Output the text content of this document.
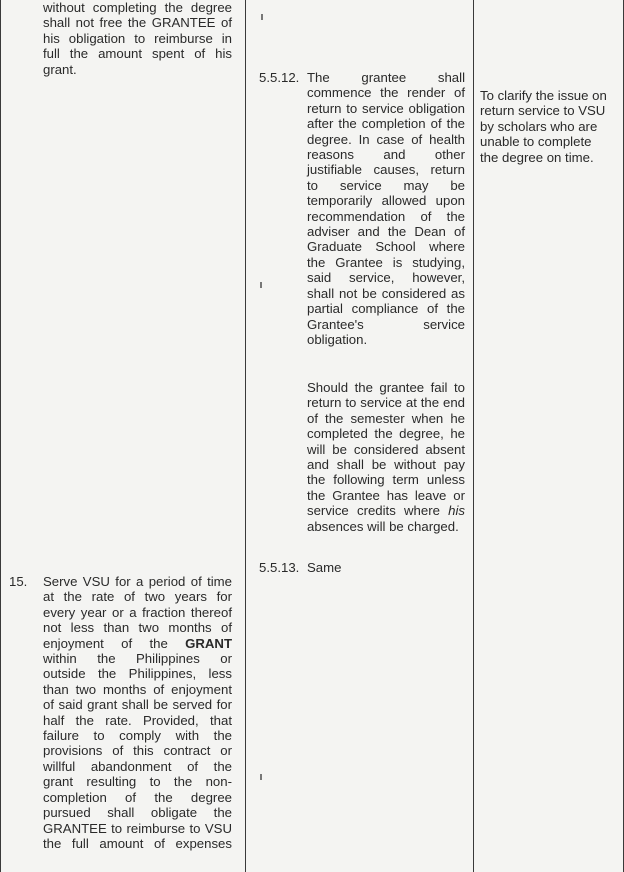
without completing the degree

shall not free the GRANTEE of

his obligation to reimburse in

full the amount spent of his

grant.

15. Serve VSU for a period of time

at the rate of two years for

every year or a fraction thereof

not less than two months of

enjoyment of the GRANT

within the Philippines or

outside the Philippines, less

than two months of enjoyment

of said grant shall be served for

half the rate. Provided, that

failure to comply with the

provisions of this contract or

willful abandonment of the

grant resulting to the non-

completion of the degree

pursued shall obligate the

GRANTEE to reimburse to VSU

the full amount of expenses

5.5.12. The grantee shall

commence the render of

return to service obligation

after the completion of the

degree. In case of health

reasons and other

justifiable causes, return

to service may be

temporarily allowed upon

recommendation of the

adviser and the Dean of

Graduate School where

the Grantee is studying,

said service, however,

shall not be considered as

partial compliance of the

Grantee's service

obligation.

Should the grantee fail to

return to service at the end

of the semester when he

completed the degree, he

will be considered absent

and shall be without pay

the following term unless

the Grantee has leave or

service credits where his

absences will be charged.

5.5.13. Same

To clarify the issue on

return service to VSU

by scholars who are

unable to complete

the degree on time.
